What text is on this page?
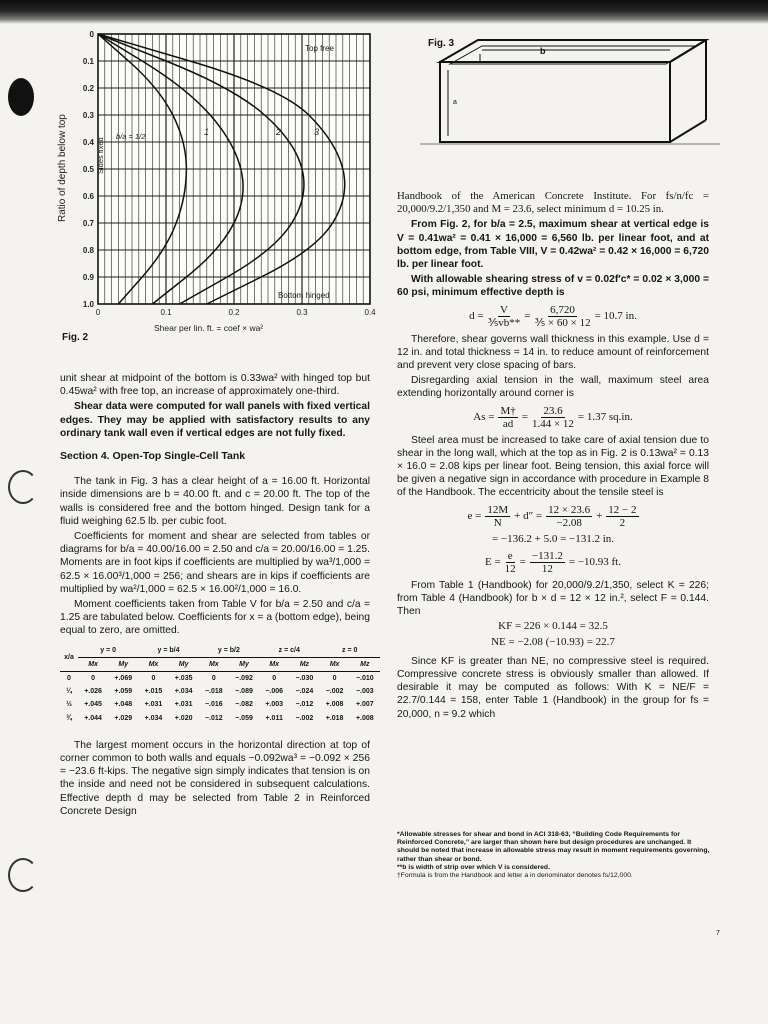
0
0.1
0.2
0.3
0.4
0.5
0.6
0.7
0.8
0.9
1.0
0	0.1	0.2	0.3	0.4
Ratio of depth below top
Shear per lin. ft. = coef × wa²
Top free
Bottom hinged
Sides fixed
b/a = 1/2	1	2	3
Fig. 2
b
a
Fig. 3

unit shear at midpoint of the bottom is 0.33wa² with hinged top but 0.45wa² with free top, an increase of approximately one-third.

Shear data were computed for wall panels with fixed vertical edges. They may be applied with satisfactory results to any ordinary tank wall even if vertical edges are not fully fixed.

Section 4. Open-Top Single-Cell Tank

The tank in Fig. 3 has a clear height of a = 16.00 ft. Horizontal inside dimensions are b = 40.00 ft. and c = 20.00 ft. The top of the walls is considered free and the bottom hinged. Design tank for a fluid weighing 62.5 lb. per cubic foot.

Coefficients for moment and shear are selected from tables or diagrams for b/a = 40.00/16.00 = 2.50 and c/a = 20.00/16.00 = 1.25. Moments are in foot kips if coefficients are multiplied by wa³/1,000 = 62.5 × 16.00³/1,000 = 256; and shears are in kips if coefficients are multiplied by wa²/1,000 = 62.5 × 16.00²/1,000 = 16.0.

Moment coefficients taken from Table V for b/a = 2.50 and c/a = 1.25 are tabulated below. Coefficients for x = a (bottom edge), being equal to zero, are omitted.

x/a	y = 0		y = b/4		y = b/2		z = c/4		z = 0	
	Mx	My	Mx	My	Mx	My	Mx	Mz	Mx	Mz
0	0	+.069	0	+.035	0	−.092	0	−.030	0	−.010
¼	+.026	+.059	+.015	+.034	−.018	−.089	−.006	−.024	−.002	−.003
½	+.045	+.048	+.031	+.031	−.016	−.082	+.003	−.012	+.008	+.007
¾	+.044	+.029	+.034	+.020	−.012	−.059	+.011	−.002	+.018	+.008

The largest moment occurs in the horizontal direction at top of corner common to both walls and equals −0.092wa³ = −0.092 × 256 = −23.6 ft-kips. The negative sign simply indicates that tension is on the inside and need not be considered in subsequent calculations. Effective depth d may be selected from Table 2 in Reinforced Concrete Design

Handbook of the American Concrete Institute. For fs/n/fc = 20,000/9.2/1,350 and M = 23.6, select minimum d = 10.25 in.

From Fig. 2, for b/a = 2.5, maximum shear at vertical edge is V = 0.41wa² = 0.41 × 16,000 = 6,560 lb. per linear foot, and at bottom edge, from Table VIII, V = 0.42wa² = 0.42 × 16,000 = 6,720 lb. per linear foot.

With allowable shearing stress of v = 0.02f′c* = 0.02 × 3,000 = 60 psi, minimum effective depth is

$d = \frac{V}{\text{⅗vb**}} = \frac{6,720}{\text{⅗ × 60 × 12}} = 10.7$ in.

Therefore, shear governs wall thickness in this example. Use d = 12 in. and total thickness = 14 in. to reduce amount of reinforcement and prevent very close spacing of bars.

Disregarding axial tension in the wall, maximum steel area extending horizontally around corner is

$As = \frac{M\dagger}{ad} = \frac{23.6}{1.44 \times 12} = 1.37$ sq.in.

Steel area must be increased to take care of axial tension due to shear in the long wall, which at the top as in Fig. 2 is 0.13wa² = 0.13 × 16.0 = 2.08 kips per linear foot. Being tension, this axial force will be given a negative sign in accordance with procedure in Example 8 of the Handbook. The eccentricity about the tensile steel is

$e = \frac{12M}{N} + d'' = \frac{12 \times 23.6}{-2.08} + \frac{12 - 2}{2}$
= −136.2 + 5.0 = −131.2 in.
$E = \frac{e}{12} = \frac{-131.2}{12} = -10.93$ ft.

From Table 1 (Handbook) for 20,000/9.2/1,350, select K = 226; from Table 4 (Handbook) for b × d = 12 × 12 in.², select F = 0.144. Then

KF = 226 × 0.144 = 32.5
NE = −2.08 (−10.93) = 22.7

Since KF is greater than NE, no compressive steel is required. Compressive concrete stress is obviously smaller than allowed. If desirable it may be computed as follows: With K = NE/F = 22.7/0.144 = 158, enter Table 1 (Handbook) in the group for fs = 20,000, n = 9.2 which

*Allowable stresses for shear and bond in ACI 318-63, “Building Code Requirements for Reinforced Concrete,” are larger than shown here but design procedures are unchanged. It should be noted that increase in allowable stress may result in moment requirements governing, rather than shear or bond.

**b is width of strip over which V is considered.

†Formula is from the Handbook and letter a in denominator denotes fs/12,000.

7
